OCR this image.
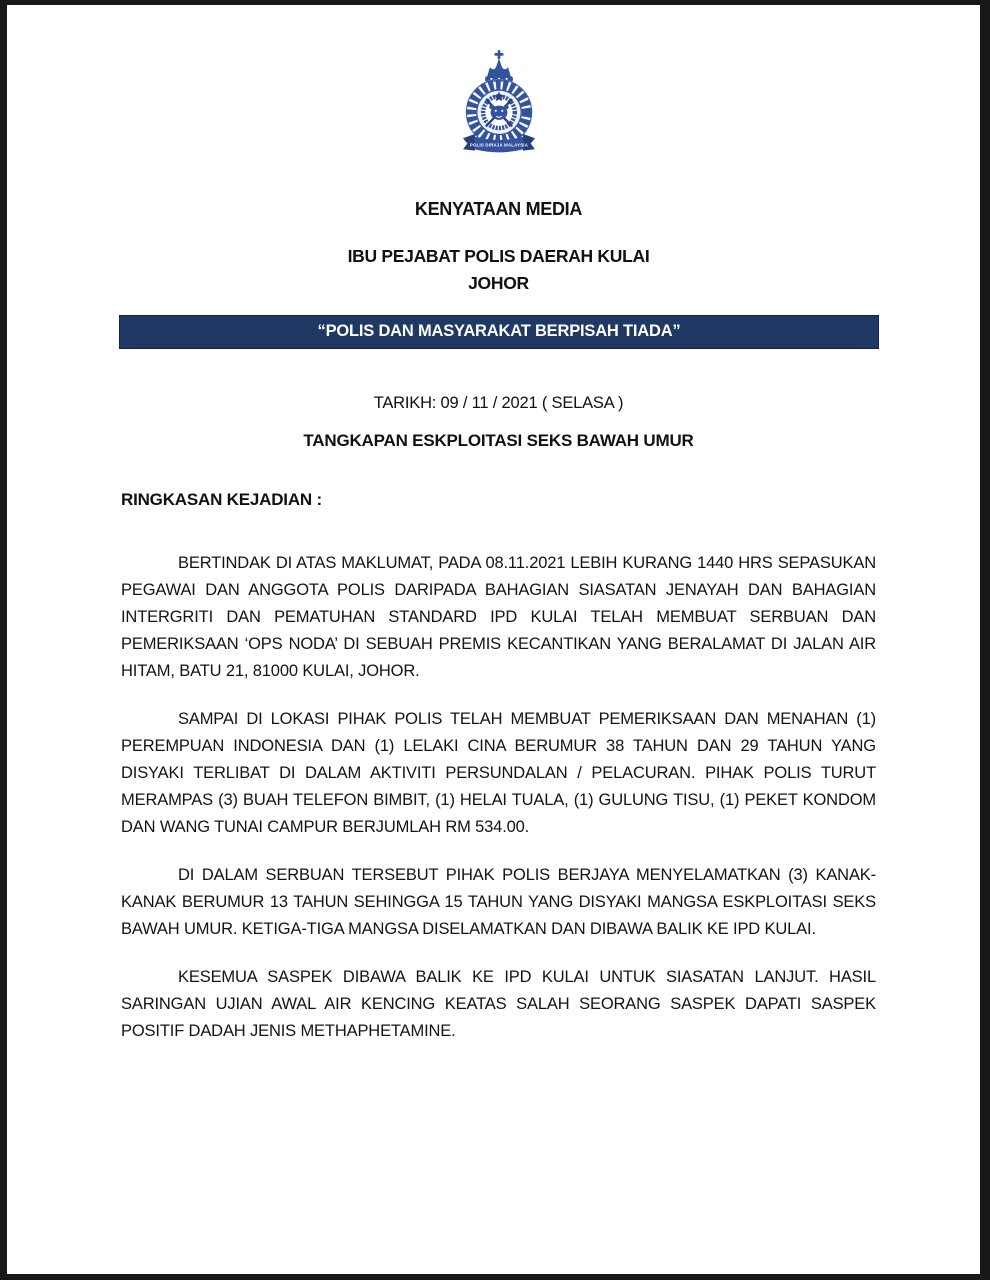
POLIS DIRAJA MALAYSIA
KENYATAAN MEDIA
IBU PEJABAT POLIS DAERAH KULAI
JOHOR
“POLIS DAN MASYARAKAT BERPISAH TIADA”
TARIKH: 09 / 11 / 2021 ( SELASA )
TANGKAPAN ESKPLOITASI SEKS BAWAH UMUR
RINGKASAN KEJADIAN :

BERTINDAK DI ATAS MAKLUMAT, PADA 08.11.2021 LEBIH KURANG 1440 HRS SEPASUKAN PEGAWAI DAN ANGGOTA POLIS DARIPADA BAHAGIAN SIASATAN JENAYAH DAN BAHAGIAN INTERGRITI DAN PEMATUHAN STANDARD IPD KULAI TELAH MEMBUAT SERBUAN DAN PEMERIKSAAN ‘OPS NODA’ DI SEBUAH PREMIS KECANTIKAN YANG BERALAMAT DI JALAN AIR HITAM, BATU 21, 81000 KULAI, JOHOR.

SAMPAI DI LOKASI PIHAK POLIS TELAH MEMBUAT PEMERIKSAAN DAN MENAHAN (1) PEREMPUAN INDONESIA DAN (1) LELAKI CINA BERUMUR 38 TAHUN DAN 29 TAHUN YANG DISYAKI TERLIBAT DI DALAM AKTIVITI PERSUNDALAN / PELACURAN. PIHAK POLIS TURUT MERAMPAS (3) BUAH TELEFON BIMBIT, (1) HELAI TUALA, (1) GULUNG TISU, (1) PEKET KONDOM DAN WANG TUNAI CAMPUR BERJUMLAH RM 534.00.

DI DALAM SERBUAN TERSEBUT PIHAK POLIS BERJAYA MENYELAMATKAN (3) KANAK-KANAK BERUMUR 13 TAHUN SEHINGGA 15 TAHUN YANG DISYAKI MANGSA ESKPLOITASI SEKS BAWAH UMUR. KETIGA-TIGA MANGSA DISELAMATKAN DAN DIBAWA BALIK KE IPD KULAI.

KESEMUA SASPEK DIBAWA BALIK KE IPD KULAI UNTUK SIASATAN LANJUT. HASIL SARINGAN UJIAN AWAL AIR KENCING KEATAS SALAH SEORANG SASPEK DAPATI SASPEK POSITIF DADAH JENIS METHAPHETAMINE.
